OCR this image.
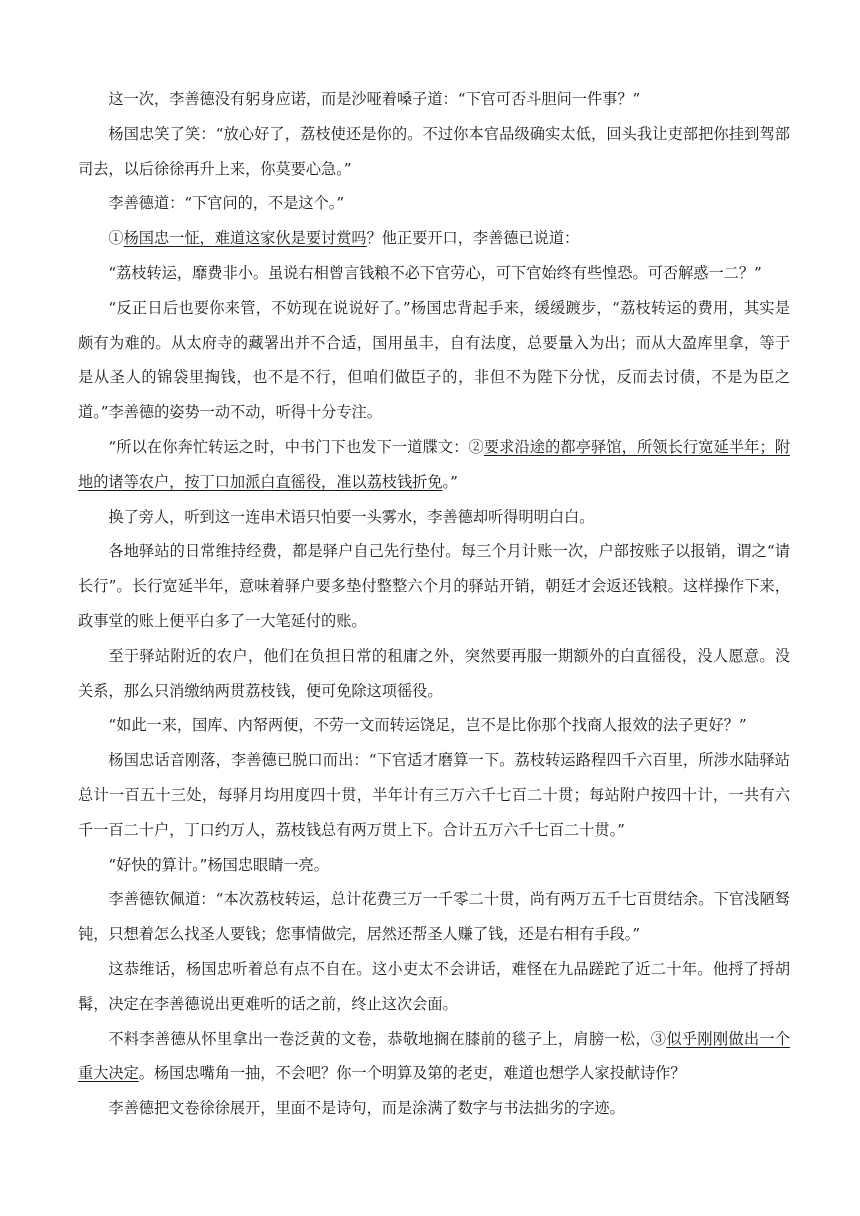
这一次，李善德没有躬身应诺，而是沙哑着嗓子道：“下官可否斗胆问一件事？”

杨国忠笑了笑：“放心好了，荔枝使还是你的。不过你本官品级确实太低，回头我让吏部把你挂到驾部司去，以后徐徐再升上来，你莫要心急。”

李善德道：“下官问的，不是这个。”

①杨国忠一怔，难道这家伙是要讨赏吗？他正要开口，李善德已说道：

“荔枝转运，靡费非小。虽说右相曾言钱粮不必下官劳心，可下官始终有些惶恐。可否解惑一二？”

“反正日后也要你来管，不妨现在说说好了。”杨国忠背起手来，缓缓踱步，“荔枝转运的费用，其实是颇有为难的。从太府寺的藏署出并不合适，国用虽丰，自有法度，总要量入为出；而从大盈库里拿，等于是从圣人的锦袋里掏钱，也不是不行，但咱们做臣子的，非但不为陛下分忧，反而去讨债，不是为臣之道。”李善德的姿势一动不动，听得十分专注。

“所以在你奔忙转运之时，中书门下也发下一道牒文：②要求沿途的都亭驿馆，所领长行宽延半年；附地的诸等农户，按丁口加派白直徭役，准以荔枝钱折免。”

换了旁人，听到这一连串术语只怕要一头雾水，李善德却听得明明白白。

各地驿站的日常维持经费，都是驿户自己先行垫付。每三个月计账一次，户部按账子以报销，谓之“请长行”。长行宽延半年，意味着驿户要多垫付整整六个月的驿站开销，朝廷才会返还钱粮。这样操作下来，政事堂的账上便平白多了一大笔延付的账。

至于驿站附近的农户，他们在负担日常的租庸之外，突然要再服一期额外的白直徭役，没人愿意。没关系，那么只消缴纳两贯荔枝钱，便可免除这项徭役。

“如此一来，国库、内帑两便，不劳一文而转运饶足，岂不是比你那个找商人报效的法子更好？”

杨国忠话音刚落，李善德已脱口而出：“下官适才磨算一下。荔枝转运路程四千六百里，所涉水陆驿站总计一百五十三处，每驿月均用度四十贯，半年计有三万六千七百二十贯；每站附户按四十计，一共有六千一百二十户，丁口约万人，荔枝钱总有两万贯上下。合计五万六千七百二十贯。”

“好快的算计。”杨国忠眼睛一亮。

李善德钦佩道：“本次荔枝转运，总计花费三万一千零二十贯，尚有两万五千七百贯结余。下官浅陋驽钝，只想着怎么找圣人要钱；您事情做完，居然还帮圣人赚了钱，还是右相有手段。”

这恭维话，杨国忠听着总有点不自在。这小吏太不会讲话，难怪在九品蹉跎了近二十年。他捋了捋胡髯，决定在李善德说出更难听的话之前，终止这次会面。

不料李善德从怀里拿出一卷泛黄的文卷，恭敬地搁在膝前的毯子上，肩膀一松，③似乎刚刚做出一个重大决定。杨国忠嘴角一抽，不会吧？你一个明算及第的老吏，难道也想学人家投献诗作？

李善德把文卷徐徐展开，里面不是诗句，而是涂满了数字与书法拙劣的字迹。
